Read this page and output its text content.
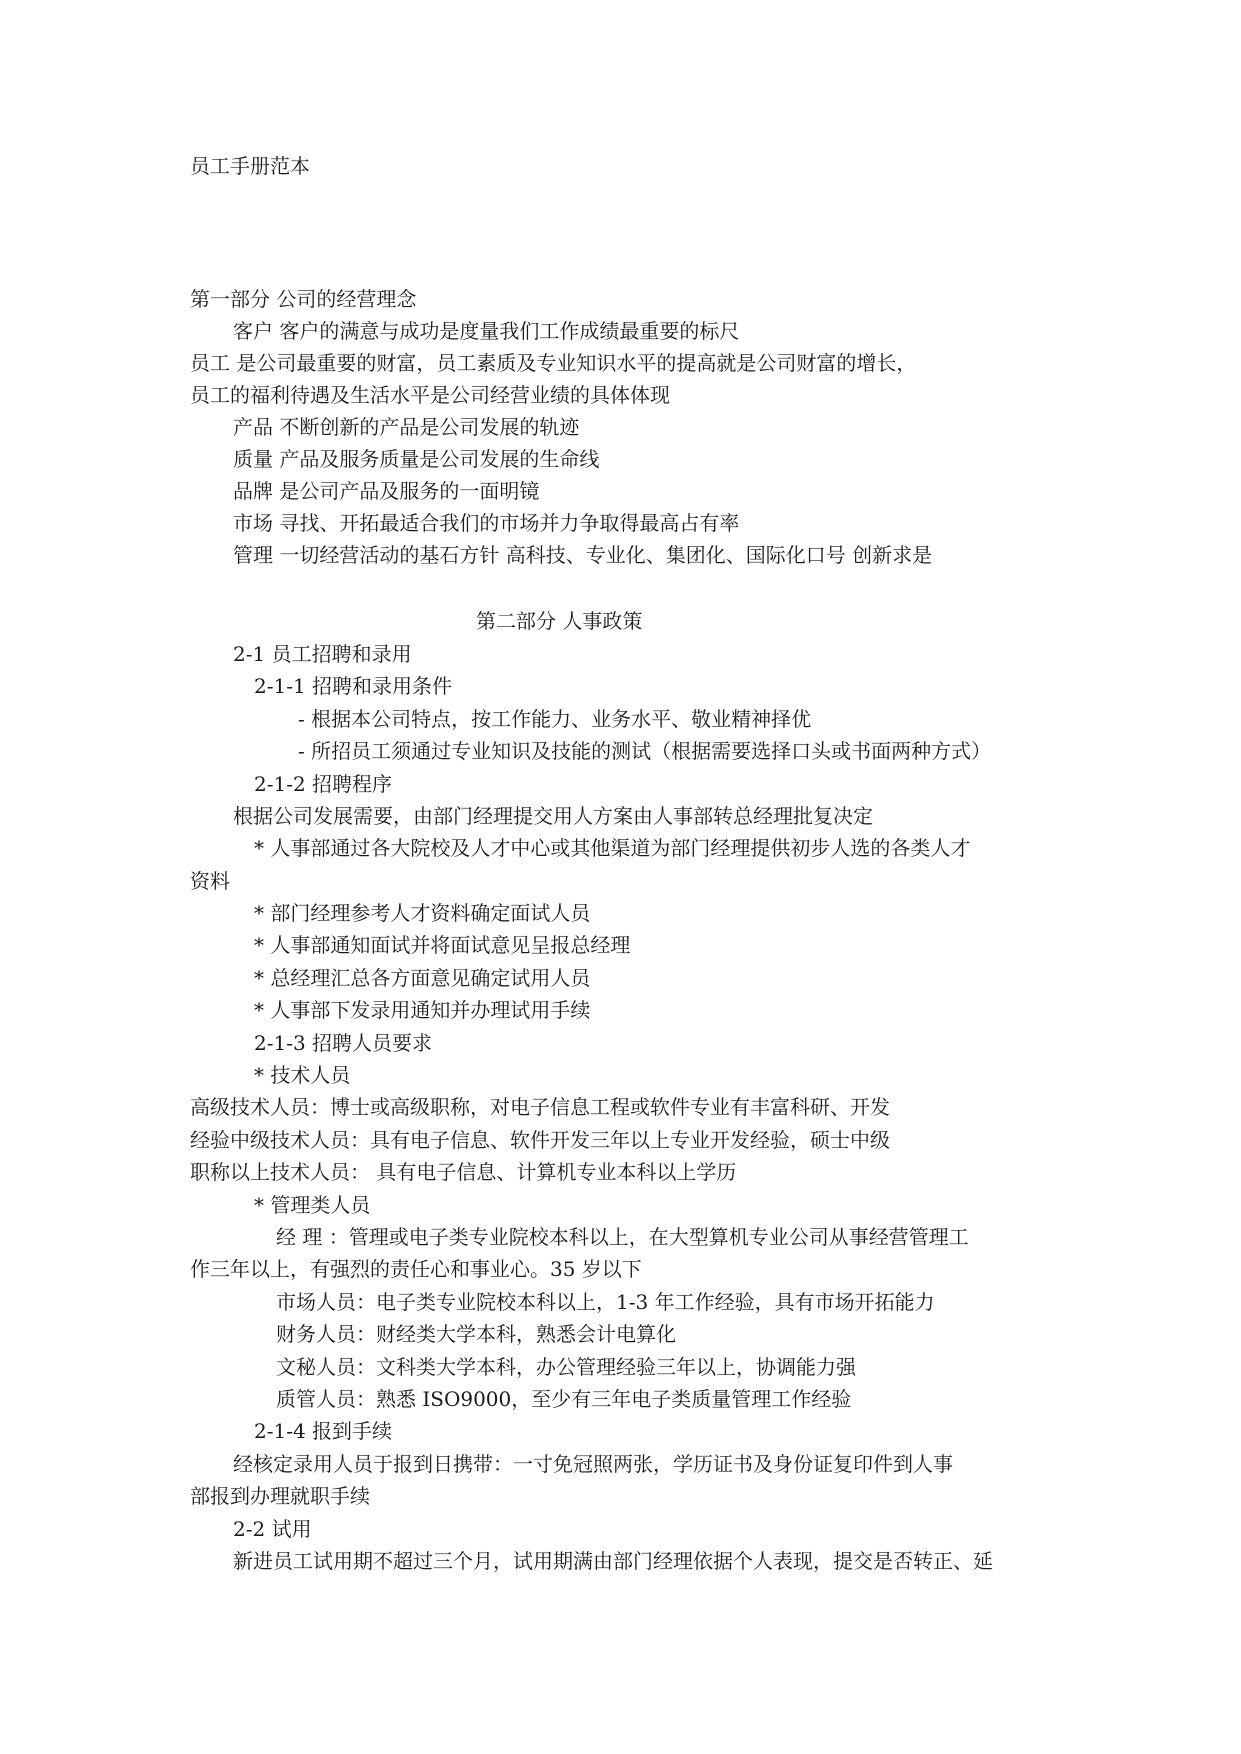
员工手册范本
第一部分 公司的经营理念
客户 客户的满意与成功是度量我们工作成绩最重要的标尺
员工 是公司最重要的财富，员工素质及专业知识水平的提高就是公司财富的增长，
员工的福利待遇及生活水平是公司经营业绩的具体体现
产品 不断创新的产品是公司发展的轨迹
质量 产品及服务质量是公司发展的生命线
品牌 是公司产品及服务的一面明镜
市场 寻找、开拓最适合我们的市场并力争取得最高占有率
管理 一切经营活动的基石方针 高科技、专业化、集团化、国际化口号 创新求是
第二部分 人事政策
2-1 员工招聘和录用
2-1-1 招聘和录用条件
- 根据本公司特点，按工作能力、业务水平、敬业精神择优
- 所招员工须通过专业知识及技能的测试（根据需要选择口头或书面两种方式）
2-1-2 招聘程序
根据公司发展需要，由部门经理提交用人方案由人事部转总经理批复决定
* 人事部通过各大院校及人才中心或其他渠道为部门经理提供初步人选的各类人才
资料
* 部门经理参考人才资料确定面试人员
* 人事部通知面试并将面试意见呈报总经理
* 总经理汇总各方面意见确定试用人员
* 人事部下发录用通知并办理试用手续
2-1-3 招聘人员要求
* 技术人员
高级技术人员：博士或高级职称，对电子信息工程或软件专业有丰富科研、开发
经验中级技术人员：具有电子信息、软件开发三年以上专业开发经验，硕士中级
职称以上技术人员： 具有电子信息、计算机专业本科以上学历
* 管理类人员
经 理 ：管理或电子类专业院校本科以上，在大型算机专业公司从事经营管理工
作三年以上，有强烈的责任心和事业心。35 岁以下
市场人员：电子类专业院校本科以上，1-3 年工作经验，具有市场开拓能力
财务人员：财经类大学本科，熟悉会计电算化
文秘人员：文科类大学本科，办公管理经验三年以上，协调能力强
质管人员：熟悉 ISO9000，至少有三年电子类质量管理工作经验
2-1-4 报到手续
经核定录用人员于报到日携带：一寸免冠照两张，学历证书及身份证复印件到人事
部报到办理就职手续
2-2 试用
新进员工试用期不超过三个月，试用期满由部门经理依据个人表现，提交是否转正、延
